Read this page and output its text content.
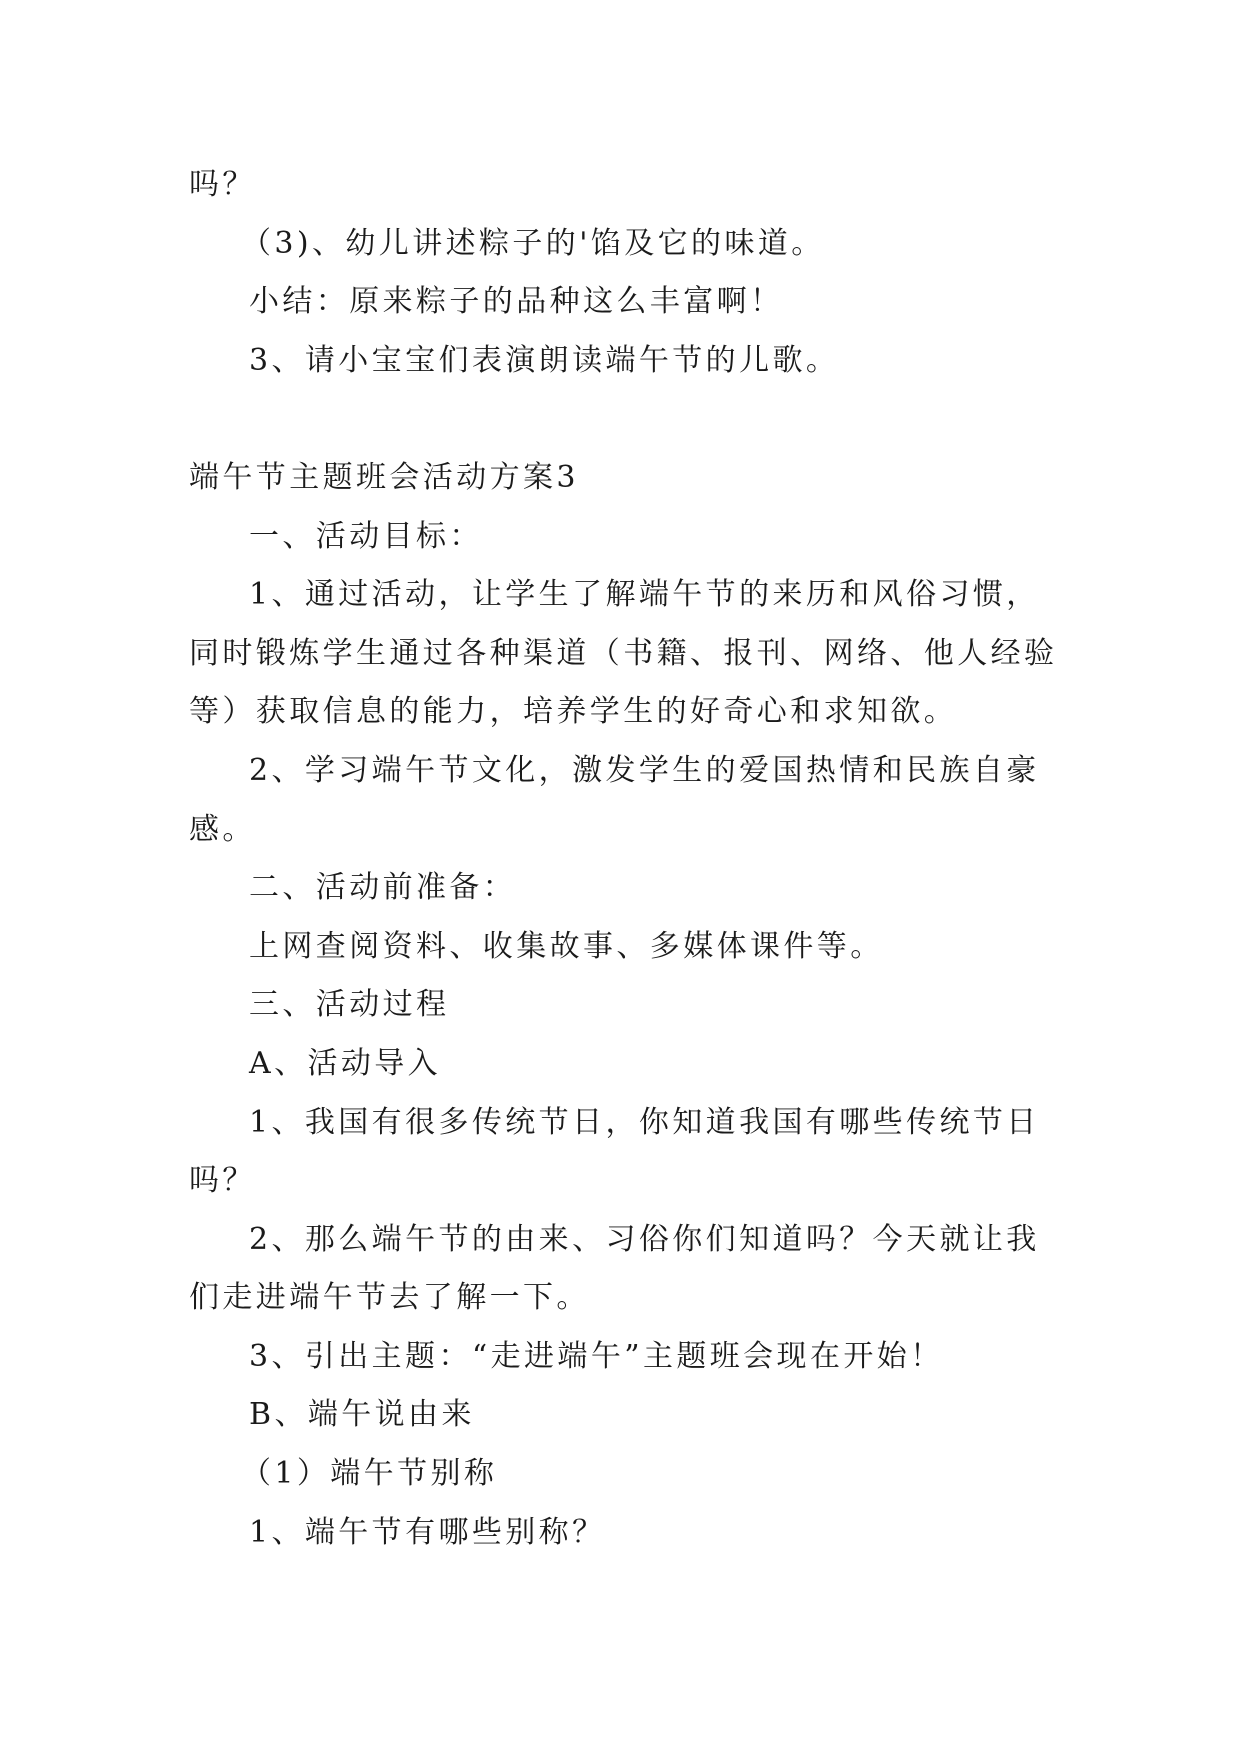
吗？

（3)、幼儿讲述粽子的'馅及它的味道。

小结：原来粽子的品种这么丰富啊！

3、请小宝宝们表演朗读端午节的儿歌。

端午节主题班会活动方案3

一、活动目标：

1、通过活动，让学生了解端午节的来历和风俗习惯，

同时锻炼学生通过各种渠道（书籍、报刊、网络、他人经验

等）获取信息的能力，培养学生的好奇心和求知欲。

2、学习端午节文化，激发学生的爱国热情和民族自豪

感。

二、活动前准备：

上网查阅资料、收集故事、多媒体课件等。

三、活动过程

A、活动导入

1、我国有很多传统节日，你知道我国有哪些传统节日

吗？

2、那么端午节的由来、习俗你们知道吗？今天就让我

们走进端午节去了解一下。

3、引出主题：“走进端午”主题班会现在开始！

B、端午说由来

（1）端午节别称

1、端午节有哪些别称？
